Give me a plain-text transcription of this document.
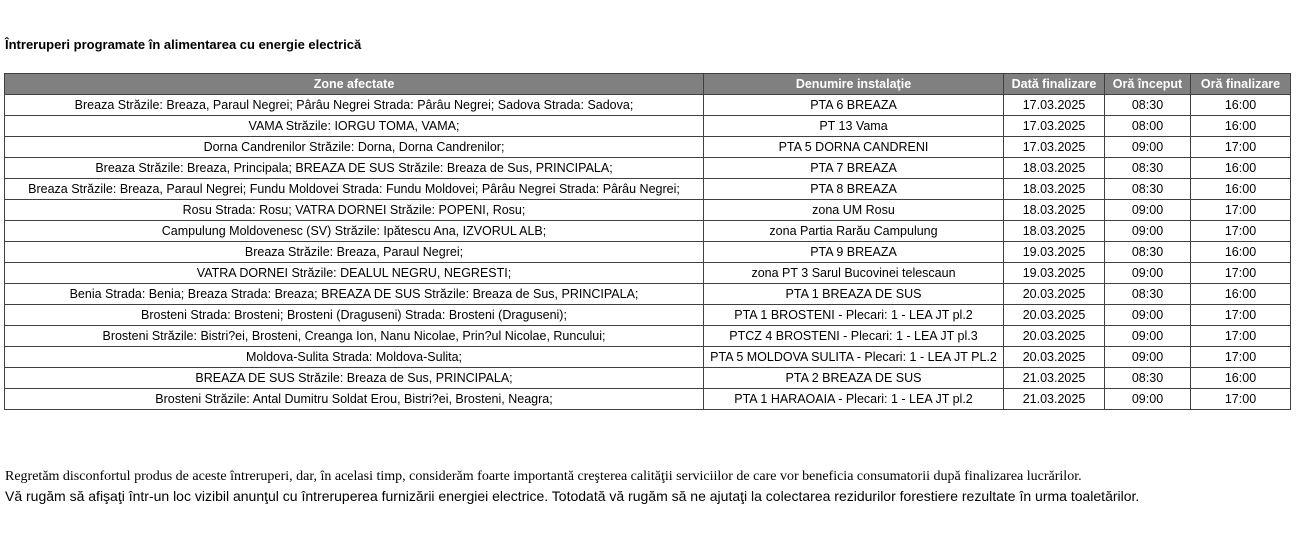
Întreruperi programate în alimentarea cu energie electrică
Zone afectate	Denumire instalaţie	Dată finalizare	Oră început	Oră finalizare
Breaza Străzile: Breaza, Paraul Negrei; Pârâu Negrei Strada: Pârâu Negrei; Sadova Strada: Sadova;	PTA 6 BREAZA	17.03.2025	08:30	16:00
VAMA Străzile: IORGU TOMA, VAMA;	PT 13 Vama	17.03.2025	08:00	16:00
Dorna Candrenilor Străzile: Dorna, Dorna Candrenilor;	PTA 5 DORNA CANDRENI	17.03.2025	09:00	17:00
Breaza Străzile: Breaza, Principala; BREAZA DE SUS Străzile: Breaza de Sus, PRINCIPALA;	PTA 7 BREAZA	18.03.2025	08:30	16:00
Breaza Străzile: Breaza, Paraul Negrei; Fundu Moldovei Strada: Fundu Moldovei; Pârâu Negrei Strada: Pârâu Negrei;	PTA 8 BREAZA	18.03.2025	08:30	16:00
Rosu Strada: Rosu; VATRA DORNEI Străzile: POPENI, Rosu;	zona UM Rosu	18.03.2025	09:00	17:00
Campulung Moldovenesc (SV) Străzile: Ipătescu Ana, IZVORUL ALB;	zona Partia Rarău Campulung	18.03.2025	09:00	17:00
Breaza Străzile: Breaza, Paraul Negrei;	PTA 9 BREAZA	19.03.2025	08:30	16:00
VATRA DORNEI Străzile: DEALUL NEGRU, NEGRESTI;	zona PT 3 Sarul Bucovinei telescaun	19.03.2025	09:00	17:00
Benia Strada: Benia; Breaza Strada: Breaza; BREAZA DE SUS Străzile: Breaza de Sus, PRINCIPALA;	PTA 1 BREAZA DE SUS	20.03.2025	08:30	16:00
Brosteni Strada: Brosteni; Brosteni (Draguseni) Strada: Brosteni (Draguseni);	PTA 1 BROSTENI - Plecari: 1 - LEA JT pl.2	20.03.2025	09:00	17:00
Brosteni Străzile: Bistri?ei, Brosteni, Creanga Ion, Nanu Nicolae, Prin?ul Nicolae, Runcului;	PTCZ 4 BROSTENI - Plecari: 1 - LEA JT pl.3	20.03.2025	09:00	17:00
Moldova-Sulita Strada: Moldova-Sulita;	PTA 5 MOLDOVA SULITA - Plecari: 1 - LEA JT PL.2	20.03.2025	09:00	17:00
BREAZA DE SUS Străzile: Breaza de Sus, PRINCIPALA;	PTA 2 BREAZA DE SUS	21.03.2025	08:30	16:00
Brosteni Străzile: Antal Dumitru Soldat Erou, Bistri?ei, Brosteni, Neagra;	PTA 1 HARAOAIA - Plecari: 1 - LEA JT pl.2	21.03.2025	09:00	17:00
Regretăm disconfortul produs de aceste întreruperi, dar, în acelasi timp, considerăm foarte importantă creşterea calităţii serviciilor de care vor beneficia consumatorii după finalizarea lucrărilor.
Vă rugăm să afişaţi într-un loc vizibil anunţul cu întreruperea furnizării energiei electrice. Totodată vă rugăm să ne ajutaţi la colectarea rezidurilor forestiere rezultate în urma toaletărilor.
